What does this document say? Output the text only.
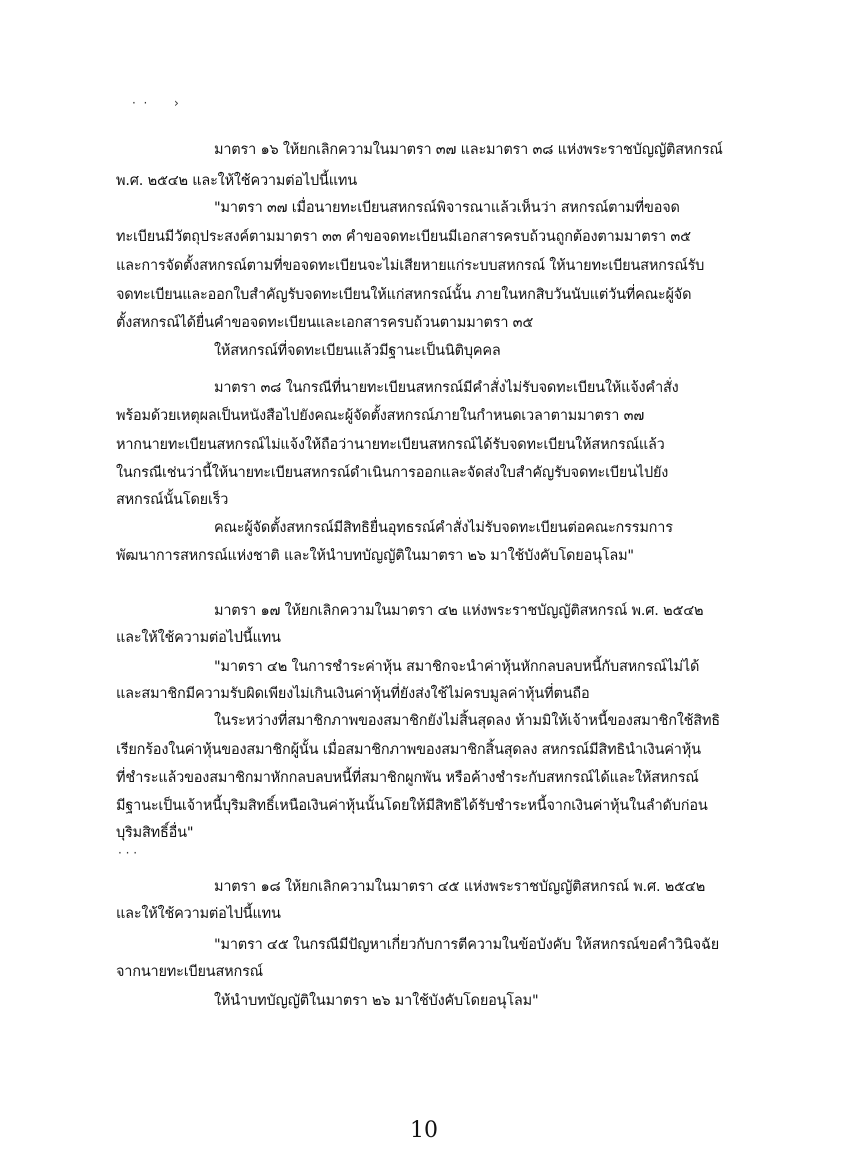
·  ·       ›
มาตรา ๑๖ ให้ยกเลิกความในมาตรา ๓๗ และมาตรา ๓๘ แห่งพระราชบัญญัติสหกรณ์
พ.ศ. ๒๕๔๒ และให้ใช้ความต่อไปนี้แทน
"มาตรา ๓๗ เมื่อนายทะเบียนสหกรณ์พิจารณาแล้วเห็นว่า สหกรณ์ตามที่ขอจด
ทะเบียนมีวัตถุประสงค์ตามมาตรา ๓๓ คำขอจดทะเบียนมีเอกสารครบถ้วนถูกต้องตามมาตรา ๓๕
และการจัดตั้งสหกรณ์ตามที่ขอจดทะเบียนจะไม่เสียหายแก่ระบบสหกรณ์ ให้นายทะเบียนสหกรณ์รับ
จดทะเบียนและออกใบสำคัญรับจดทะเบียนให้แก่สหกรณ์นั้น ภายในหกสิบวันนับแต่วันที่คณะผู้จัด
ตั้งสหกรณ์ได้ยื่นคำขอจดทะเบียนและเอกสารครบถ้วนตามมาตรา ๓๕
ให้สหกรณ์ที่จดทะเบียนแล้วมีฐานะเป็นนิติบุคคล
มาตรา ๓๘ ในกรณีที่นายทะเบียนสหกรณ์มีคำสั่งไม่รับจดทะเบียนให้แจ้งคำสั่ง
พร้อมด้วยเหตุผลเป็นหนังสือไปยังคณะผู้จัดตั้งสหกรณ์ภายในกำหนดเวลาตามมาตรา ๓๗
หากนายทะเบียนสหกรณ์ไม่แจ้งให้ถือว่านายทะเบียนสหกรณ์ได้รับจดทะเบียนให้สหกรณ์แล้ว
ในกรณีเช่นว่านี้ให้นายทะเบียนสหกรณ์ดำเนินการออกและจัดส่งใบสำคัญรับจดทะเบียนไปยัง
สหกรณ์นั้นโดยเร็ว
คณะผู้จัดตั้งสหกรณ์มีสิทธิยื่นอุทธรณ์คำสั่งไม่รับจดทะเบียนต่อคณะกรรมการ
พัฒนาการสหกรณ์แห่งชาติ และให้นำบทบัญญัติในมาตรา ๒๖ มาใช้บังคับโดยอนุโลม"
มาตรา ๑๗ ให้ยกเลิกความในมาตรา ๔๒ แห่งพระราชบัญญัติสหกรณ์ พ.ศ. ๒๕๔๒
และให้ใช้ความต่อไปนี้แทน
"มาตรา ๔๒ ในการชำระค่าหุ้น สมาชิกจะนำค่าหุ้นหักกลบลบหนี้กับสหกรณ์ไม่ได้
และสมาชิกมีความรับผิดเพียงไม่เกินเงินค่าหุ้นที่ยังส่งใช้ไม่ครบมูลค่าหุ้นที่ตนถือ
ในระหว่างที่สมาชิกภาพของสมาชิกยังไม่สิ้นสุดลง ห้ามมิให้เจ้าหนี้ของสมาชิกใช้สิทธิ
เรียกร้องในค่าหุ้นของสมาชิกผู้นั้น เมื่อสมาชิกภาพของสมาชิกสิ้นสุดลง สหกรณ์มีสิทธินำเงินค่าหุ้น
ที่ชำระแล้วของสมาชิกมาหักกลบลบหนี้ที่สมาชิกผูกพัน หรือค้างชำระกับสหกรณ์ได้และให้สหกรณ์
มีฐานะเป็นเจ้าหนี้บุริมสิทธิ์เหนือเงินค่าหุ้นนั้นโดยให้มีสิทธิได้รับชำระหนี้จากเงินค่าหุ้นในลำดับก่อน
บุริมสิทธิ์อื่น"
· · ·
มาตรา ๑๘ ให้ยกเลิกความในมาตรา ๔๕ แห่งพระราชบัญญัติสหกรณ์ พ.ศ. ๒๕๔๒
และให้ใช้ความต่อไปนี้แทน
"มาตรา ๔๕ ในกรณีมีปัญหาเกี่ยวกับการตีความในข้อบังคับ ให้สหกรณ์ขอคำวินิจฉัย
จากนายทะเบียนสหกรณ์
ให้นำบทบัญญัติในมาตรา ๒๖ มาใช้บังคับโดยอนุโลม"
10
